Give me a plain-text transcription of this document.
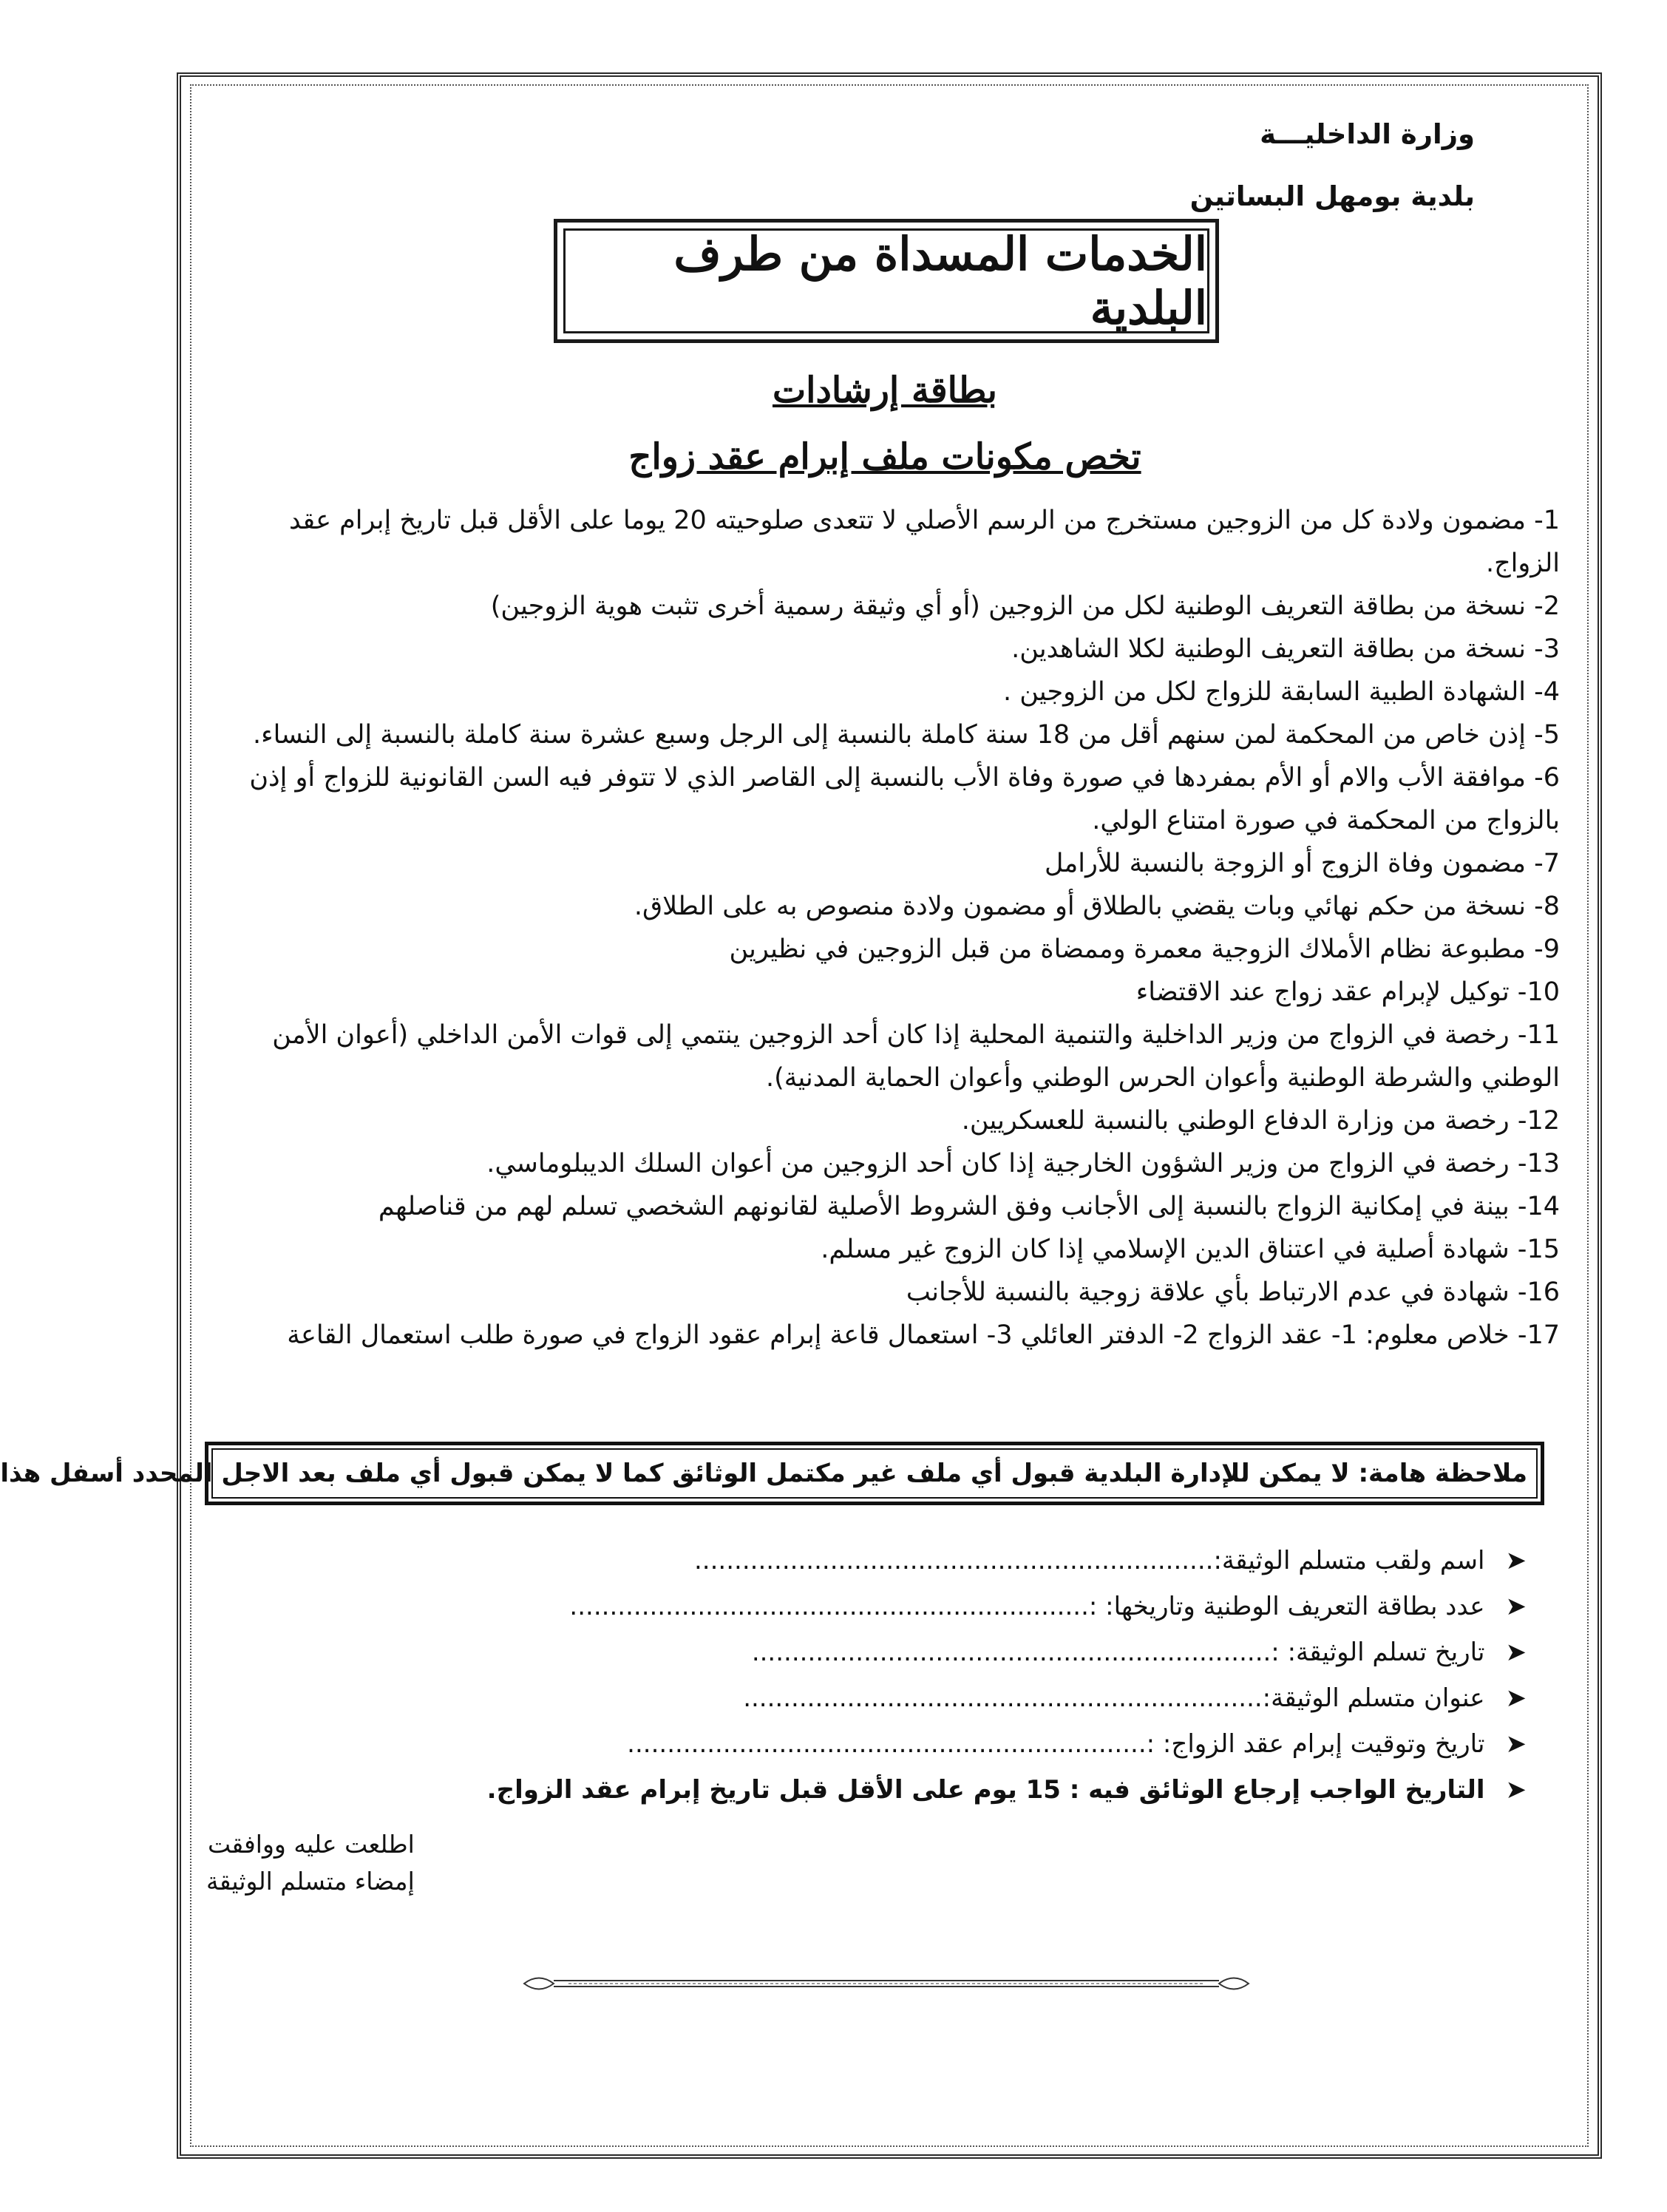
وزارة الداخليـــة
بلدية بومهل البساتين
الخدمات المسداة من طرف البلدية
بطاقة إرشادات
تخص مكونات ملف إبرام عقد زواج
1- مضمون ولادة كل من الزوجين مستخرج من الرسم الأصلي لا تتعدى صلوحيته 20 يوما على الأقل قبل تاريخ إبرام عقد الزواج.
2- نسخة من بطاقة التعريف الوطنية لكل من الزوجين (أو أي وثيقة رسمية أخرى تثبت هوية الزوجين)
3- نسخة من بطاقة التعريف الوطنية لكلا الشاهدين.
4- الشهادة الطبية السابقة للزواج لكل من الزوجين .
5- إذن خاص من المحكمة لمن سنهم أقل من 18 سنة كاملة بالنسبة إلى الرجل وسبع عشرة سنة كاملة بالنسبة إلى النساء.
6- موافقة الأب والام أو الأم بمفردها في صورة وفاة الأب بالنسبة إلى القاصر الذي لا تتوفر فيه السن القانونية للزواج أو إذن بالزواج من المحكمة في صورة امتناع الولي.
7- مضمون وفاة الزوج أو الزوجة بالنسبة للأرامل
8- نسخة من حكم نهائي وبات يقضي بالطلاق أو مضمون ولادة منصوص به على الطلاق.
9- مطبوعة نظام الأملاك الزوجية معمرة وممضاة من قبل الزوجين في نظيرين
10- توكيل لإبرام عقد زواج عند الاقتضاء
11- رخصة في الزواج من وزير الداخلية والتنمية المحلية إذا كان أحد الزوجين ينتمي إلى قوات الأمن الداخلي (أعوان الأمن الوطني والشرطة الوطنية وأعوان الحرس الوطني وأعوان الحماية المدنية).
12- رخصة من وزارة الدفاع الوطني بالنسبة للعسكريين.
13- رخصة في الزواج من وزير الشؤون الخارجية إذا كان أحد الزوجين من أعوان السلك الديبلوماسي.
14- بينة في إمكانية الزواج بالنسبة إلى الأجانب وفق الشروط الأصلية لقانونهم الشخصي تسلم لهم من قناصلهم
15- شهادة أصلية في اعتناق الدين الإسلامي إذا كان الزوج غير مسلم.
16- شهادة في عدم الارتباط بأي علاقة زوجية بالنسبة للأجانب
17- خلاص معلوم: 1- عقد الزواج 2- الدفتر العائلي 3- استعمال قاعة إبرام عقود الزواج في صورة طلب استعمال القاعة
ملاحظة هامة: لا يمكن للإدارة البلدية قبول أي ملف غير مكتمل الوثائق كما لا يمكن قبول أي ملف بعد الاجل المحدد أسفل هذا
➤
اسم ولقب متسلم الوثيقة:.................................................................
➤
عدد بطاقة التعريف الوطنية وتاريخها: :.................................................................
➤
تاريخ تسلم الوثيقة: :.................................................................
➤
عنوان متسلم الوثيقة:.................................................................
➤
تاريخ وتوقيت إبرام عقد الزواج: :.................................................................
➤
التاريخ الواجب إرجاع الوثائق فيه : 15 يوم على الأقل قبل تاريخ إبرام عقد الزواج.
اطلعت عليه ووافقت
إمضاء متسلم الوثيقة
